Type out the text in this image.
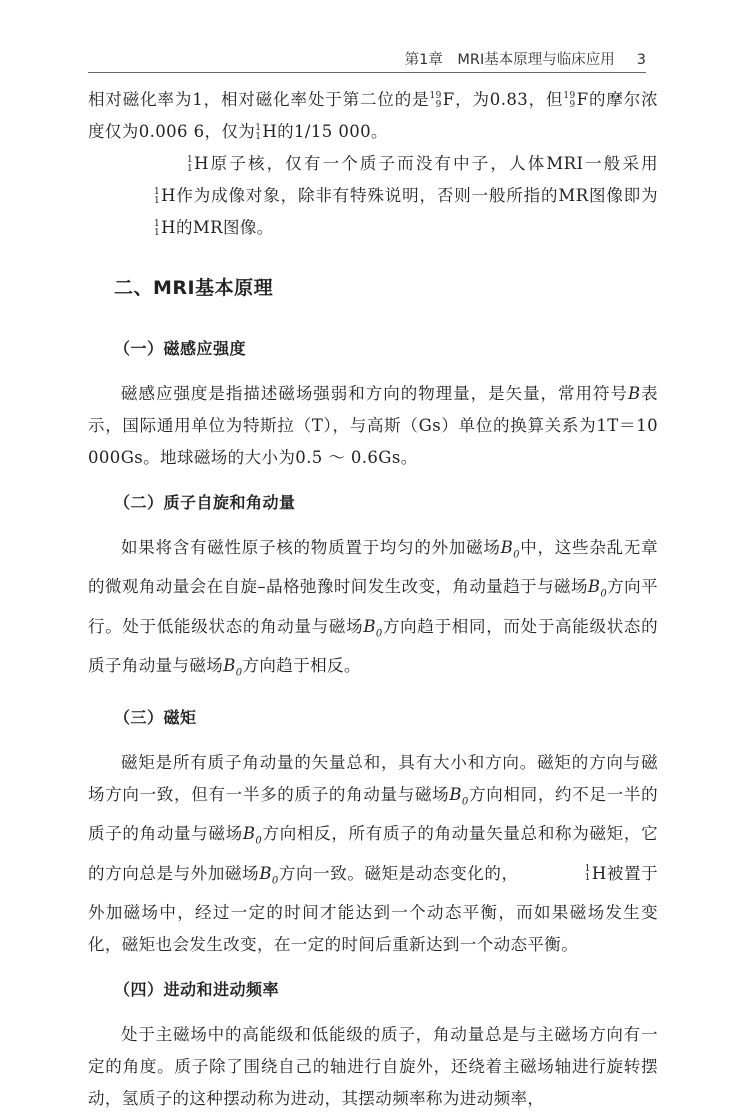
第1章　MRI基本原理与临床应用 3

相对磁化率为1，相对磁化率处于第二位的是 19
9 F，为0.83，但 19
9 F的摩尔浓度仅为0.006 6，仅为 1
1 H的1/15 000。

1
1 H原子核，仅有一个质子而没有中子，人体MRI一般采用
1
1 H作为成像对象，除非有特殊说明，否则一般所指的MR图像即为
1
1 H的MR图像。

二、MRI基本原理
（一）磁感应强度

磁感应强度是指描述磁场强弱和方向的物理量，是矢量，常用符号B表示，国际通用单位为特斯拉（T），与高斯（Gs）单位的换算关系为1T＝10 000Gs。地球磁场的大小为0.5 ～ 0.6Gs。

（二）质子自旋和角动量

如果将含有磁性原子核的物质置于均匀的外加磁场$B_0$中，这些杂乱无章的微观角动量会在自旋–晶格弛豫时间发生改变，角动量趋于与磁场$B_0$方向平行。处于低能级状态的角动量与磁场$B_0$方向趋于相同，而处于高能级状态的质子角动量与磁场$B_0$方向趋于相反。

（三）磁矩

磁矩是所有质子角动量的矢量总和，具有大小和方向。磁矩的方向与磁场方向一致，但有一半多的质子的角动量与磁场$B_0$方向相同，约不足一半的质子的角动量与磁场$B_0$方向相反，所有质子的角动量矢量总和称为磁矩，它的方向总是与外加磁场$B_0$方向一致。磁矩是动态变化的，	1
1 H被置于外加磁场中，经过一定的时间才能达到一个动态平衡，而如果磁场发生变化，磁矩也会发生改变，在一定的时间后重新达到一个动态平衡。

（四）进动和进动频率

处于主磁场中的高能级和低能级的质子，角动量总是与主磁场方向有一定的角度。质子除了围绕自己的轴进行自旋外，还绕着主磁场轴进行旋转摆动，氢质子的这种摆动称为进动，其摆动频率称为进动频率，
